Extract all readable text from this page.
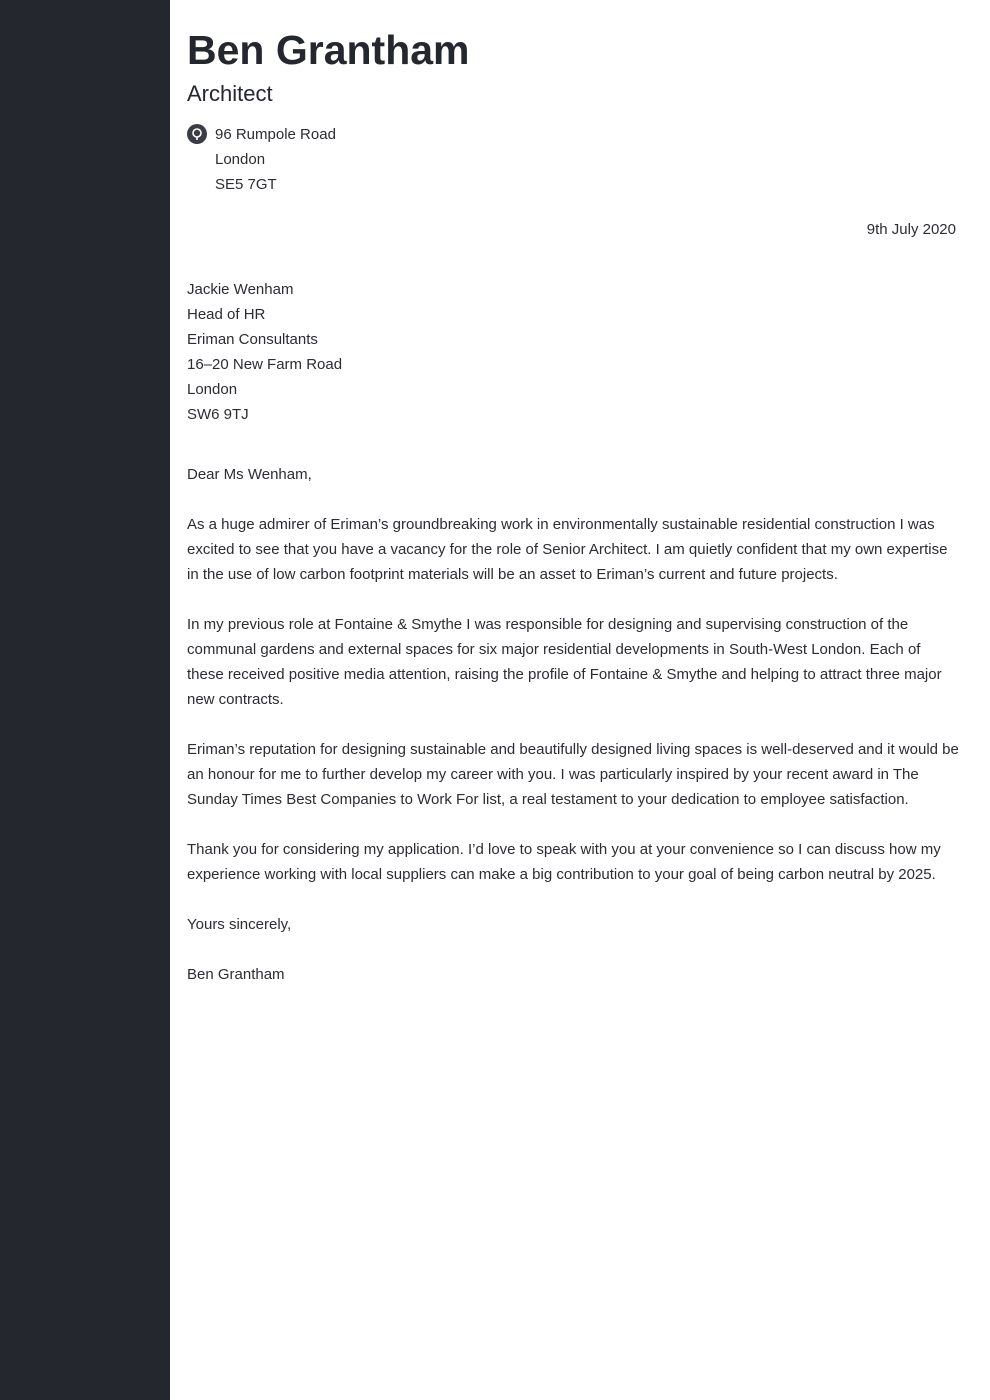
Ben Grantham
Architect
96 Rumpole Road
London
SE5 7GT
9th July 2020
Jackie Wenham
Head of HR
Eriman Consultants
16–20 New Farm Road
London
SW6 9TJ
Dear Ms Wenham,

As a huge admirer of Eriman’s groundbreaking work in environmentally sustainable residential construction I was excited to see that you have a vacancy for the role of Senior Architect. I am quietly confident that my own expertise in the use of low carbon footprint materials will be an asset to Eriman’s current and future projects.

In my previous role at Fontaine & Smythe I was responsible for designing and supervising construction of the communal gardens and external spaces for six major residential developments in South-West London. Each of these received positive media attention, raising the profile of Fontaine & Smythe and helping to attract three major new contracts.

Eriman’s reputation for designing sustainable and beautifully designed living spaces is well-deserved and it would be an honour for me to further develop my career with you. I was particularly inspired by your recent award in The Sunday Times Best Companies to Work For list, a real testament to your dedication to employee satisfaction.

Thank you for considering my application. I’d love to speak with you at your convenience so I can discuss how my experience working with local suppliers can make a big contribution to your goal of being carbon neutral by 2025.

Yours sincerely,
Ben Grantham
